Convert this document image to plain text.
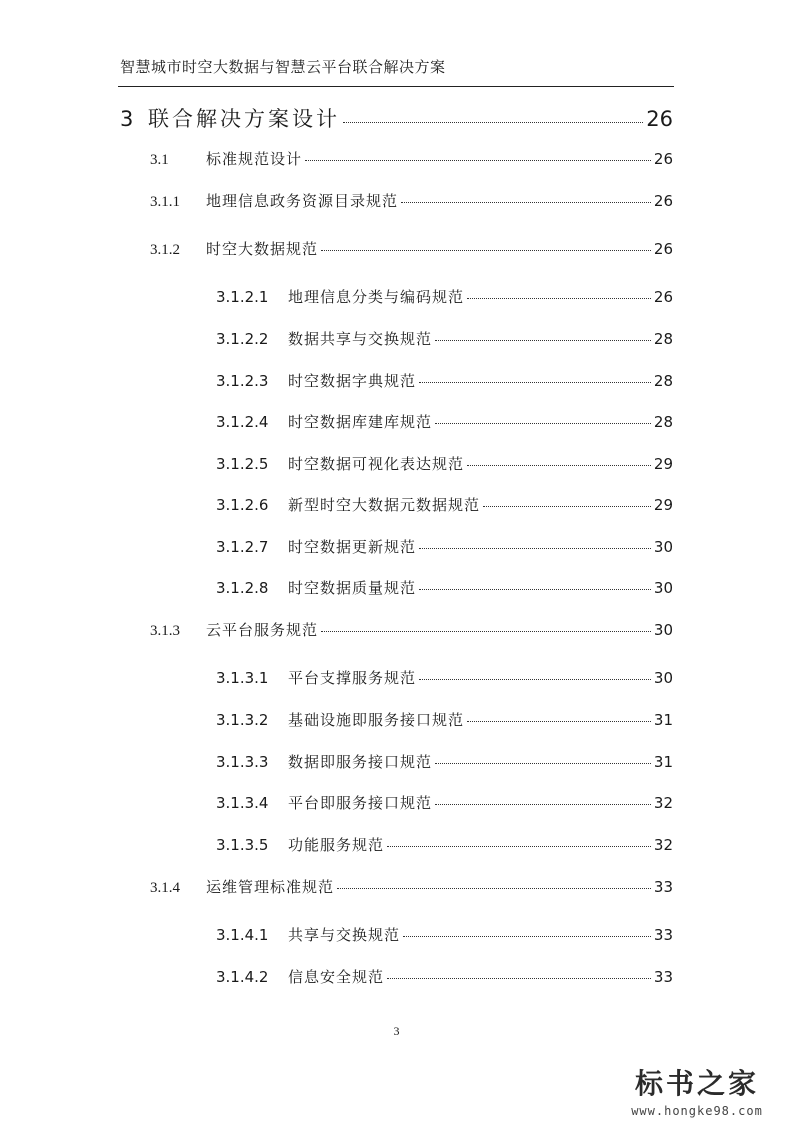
智慧城市时空大数据与智慧云平台联合解决方案
3 联合解决方案设计	26
3.1	标准规范设计	26
3.1.1	地理信息政务资源目录规范	26
3.1.2	时空大数据规范	26
3.1.2.1	地理信息分类与编码规范	26
3.1.2.2	数据共享与交换规范	28
3.1.2.3	时空数据字典规范	28
3.1.2.4	时空数据库建库规范	28
3.1.2.5	时空数据可视化表达规范	29
3.1.2.6	新型时空大数据元数据规范	29
3.1.2.7	时空数据更新规范	30
3.1.2.8	时空数据质量规范	30
3.1.3	云平台服务规范	30
3.1.3.1	平台支撑服务规范	30
3.1.3.2	基础设施即服务接口规范	31
3.1.3.3	数据即服务接口规范	31
3.1.3.4	平台即服务接口规范	32
3.1.3.5	功能服务规范	32
3.1.4	运维管理标准规范	33
3.1.4.1	共享与交换规范	33
3.1.4.2	信息安全规范	33
3
标书之家
www.hongke98.com
